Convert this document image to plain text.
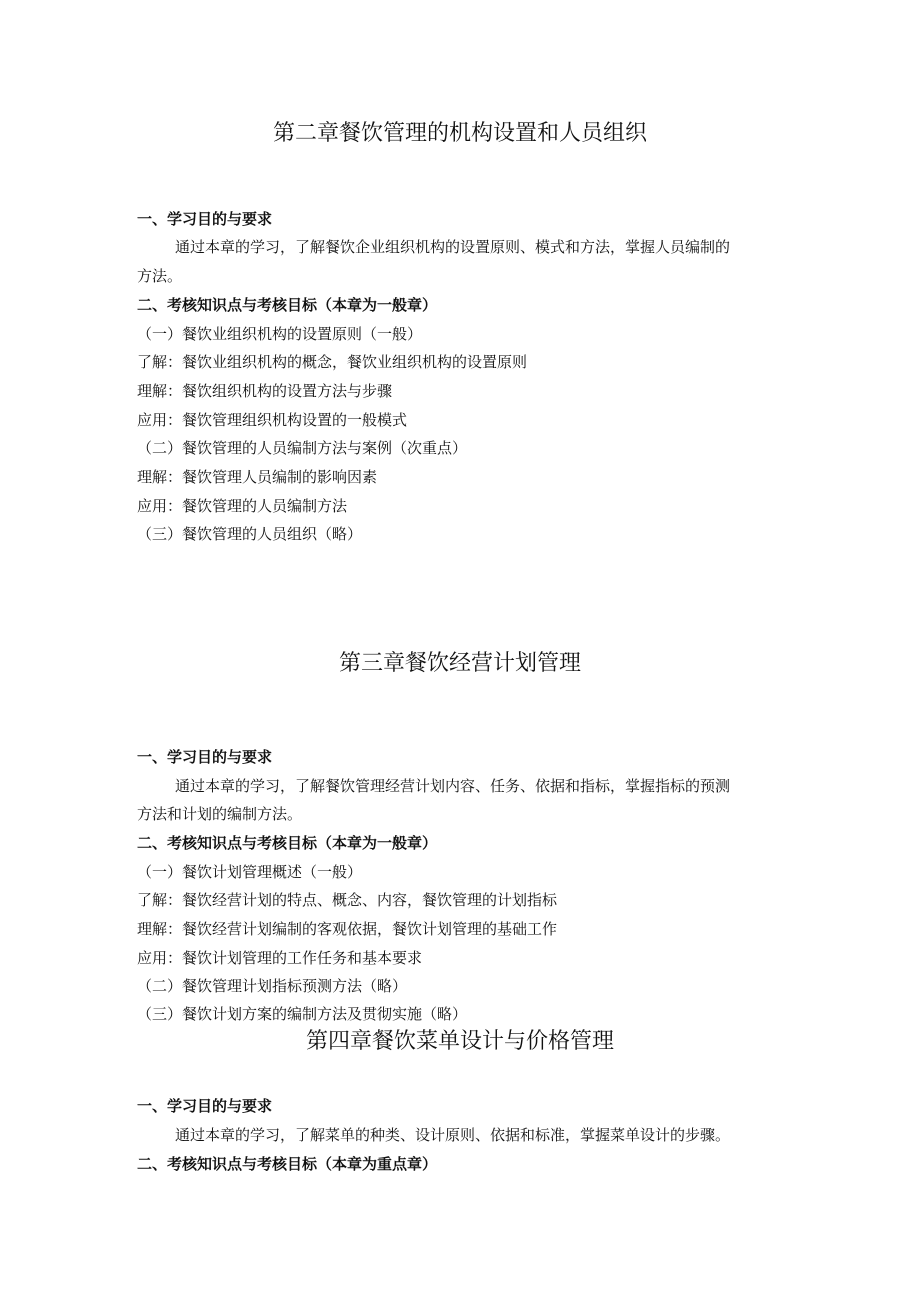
第二章餐饮管理的机构设置和人员组织

一、学习目的与要求

通过本章的学习，了解餐饮企业组织机构的设置原则、模式和方法，掌握人员编制的

方法。

二、考核知识点与考核目标（本章为一般章）

（一）餐饮业组织机构的设置原则（一般）

了解：餐饮业组织机构的概念，餐饮业组织机构的设置原则

理解：餐饮组织机构的设置方法与步骤

应用：餐饮管理组织机构设置的一般模式

（二）餐饮管理的人员编制方法与案例（次重点）

理解：餐饮管理人员编制的影响因素

应用：餐饮管理的人员编制方法

（三）餐饮管理的人员组织（略）

第三章餐饮经营计划管理

一、学习目的与要求

通过本章的学习，了解餐饮管理经营计划内容、任务、依据和指标，掌握指标的预测

方法和计划的编制方法。

二、考核知识点与考核目标（本章为一般章）

（一）餐饮计划管理概述（一般）

了解：餐饮经营计划的特点、概念、内容，餐饮管理的计划指标

理解：餐饮经营计划编制的客观依据，餐饮计划管理的基础工作

应用：餐饮计划管理的工作任务和基本要求

（二）餐饮管理计划指标预测方法（略）

（三）餐饮计划方案的编制方法及贯彻实施（略）

第四章餐饮菜单设计与价格管理

一、学习目的与要求

通过本章的学习，了解菜单的种类、设计原则、依据和标准，掌握菜单设计的步骤。

二、考核知识点与考核目标（本章为重点章）
